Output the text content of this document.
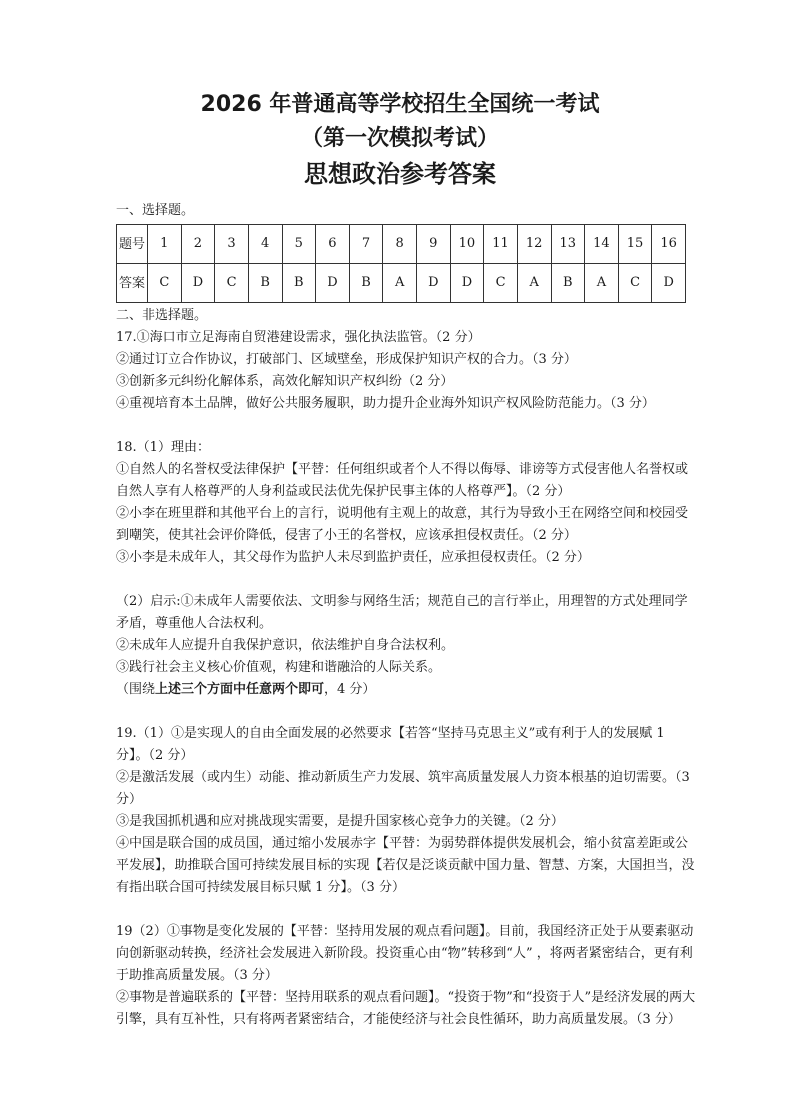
2026 年普通高等学校招生全国统一考试

（第一次模拟考试）

思想政治参考答案

一、选择题。
题号	1	2	3	4	5	6	7	8	9	10	11	12	13	14	15	16
答案	C	D	C	B	B	D	B	A	D	D	C	A	B	A	C	D
二、非选择题。
17.①海口市立足海南自贸港建设需求，强化执法监管。（2 分）
②通过订立合作协议，打破部门、区域壁垒，形成保护知识产权的合力。（3 分）
③创新多元纠纷化解体系，高效化解知识产权纠纷（2 分）
④重视培育本土品牌，做好公共服务履职，助力提升企业海外知识产权风险防范能力。（3 分）
18.（1）理由：
①自然人的名誉权受法律保护【平替：任何组织或者个人不得以侮辱、诽谤等方式侵害他人名誉权或自然人享有人格尊严的人身利益或民法优先保护民事主体的人格尊严】。（2 分）
②小李在班里群和其他平台上的言行，说明他有主观上的故意，其行为导致小王在网络空间和校园受到嘲笑，使其社会评价降低，侵害了小王的名誉权，应该承担侵权责任。（2 分）
③小李是未成年人，其父母作为监护人未尽到监护责任，应承担侵权责任。（2 分）
（2）启示:①未成年人需要依法、文明参与网络生活；规范自己的言行举止，用理智的方式处理同学矛盾，尊重他人合法权利。
②未成年人应提升自我保护意识，依法维护自身合法权利。
③践行社会主义核心价值观，构建和谐融洽的人际关系。
（围绕上述三个方面中任意两个即可，4 分）
19.（1）①是实现人的自由全面发展的必然要求【若答“坚持马克思主义”或有利于人的发展赋 1 分】。（2 分）
②是激活发展（或内生）动能、推动新质生产力发展、筑牢高质量发展人力资本根基的迫切需要。（3 分）
③是我国抓机遇和应对挑战现实需要，是提升国家核心竞争力的关键。（2 分）
④中国是联合国的成员国，通过缩小发展赤字【平替：为弱势群体提供发展机会，缩小贫富差距或公平发展】，助推联合国可持续发展目标的实现【若仅是泛谈贡献中国力量、智慧、方案，大国担当，没有指出联合国可持续发展目标只赋 1 分】。（3 分）
19（2）①事物是变化发展的【平替：坚持用发展的观点看问题】。目前，我国经济正处于从要素驱动向创新驱动转换，经济社会发展进入新阶段。投资重心由“物”转移到“人” ，将两者紧密结合，更有利于助推高质量发展。（3 分）
②事物是普遍联系的【平替：坚持用联系的观点看问题】。“投资于物”和“投资于人”是经济发展的两大引擎，具有互补性，只有将两者紧密结合，才能使经济与社会良性循环，助力高质量发展。（3 分）
